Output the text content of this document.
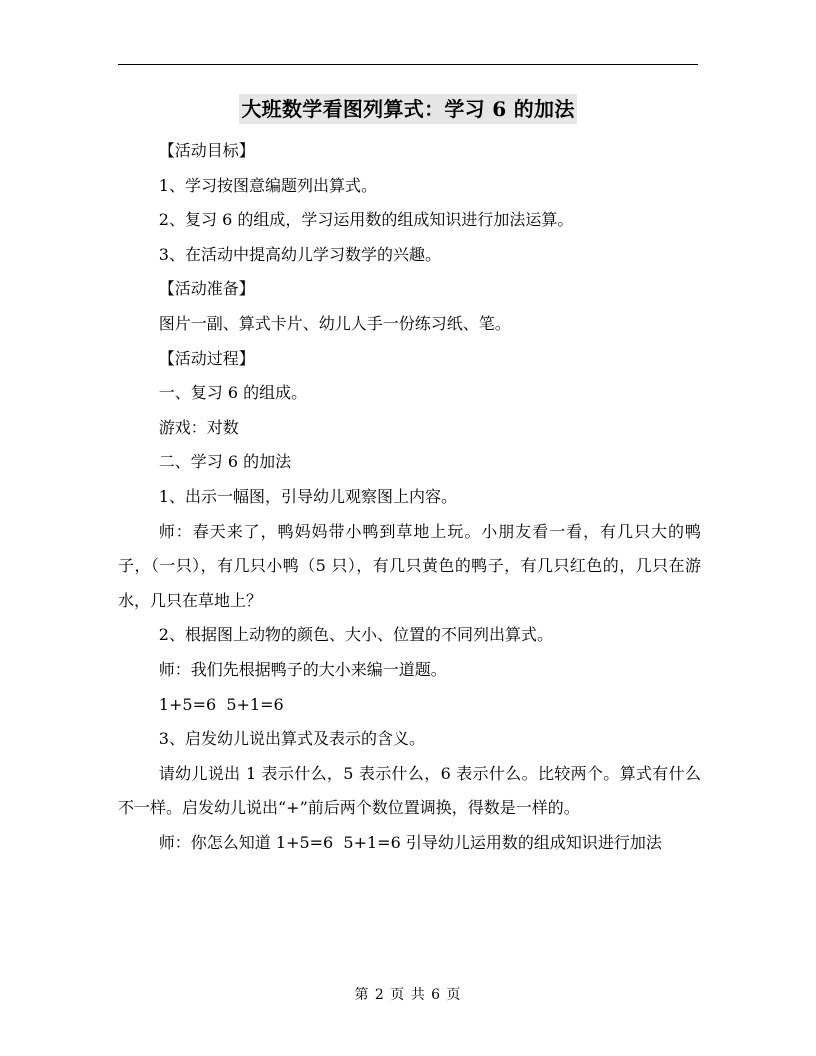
大班数学看图列算式：学习 6 的加法

【活动目标】

1、学习按图意编题列出算式。

2、复习 6 的组成，学习运用数的组成知识进行加法运算。

3、在活动中提高幼儿学习数学的兴趣。

【活动准备】

图片一副、算式卡片、幼儿人手一份练习纸、笔。

【活动过程】

一、复习 6 的组成。

游戏：对数

二、学习 6 的加法

1、出示一幅图，引导幼儿观察图上内容。

师：春天来了，鸭妈妈带小鸭到草地上玩。小朋友看一看，有几只大的鸭子，（一只），有几只小鸭（5 只），有几只黄色的鸭子，有几只红色的，几只在游水，几只在草地上？

2、根据图上动物的颜色、大小、位置的不同列出算式。

师：我们先根据鸭子的大小来编一道题。

1+5=6  5+1=6

3、启发幼儿说出算式及表示的含义。

请幼儿说出 1 表示什么，5 表示什么，6 表示什么。比较两个。算式有什么不一样。启发幼儿说出“+”前后两个数位置调换，得数是一样的。

师：你怎么知道 1+5=6  5+1=6 引导幼儿运用数的组成知识进行加法

第 2 页 共 6 页
